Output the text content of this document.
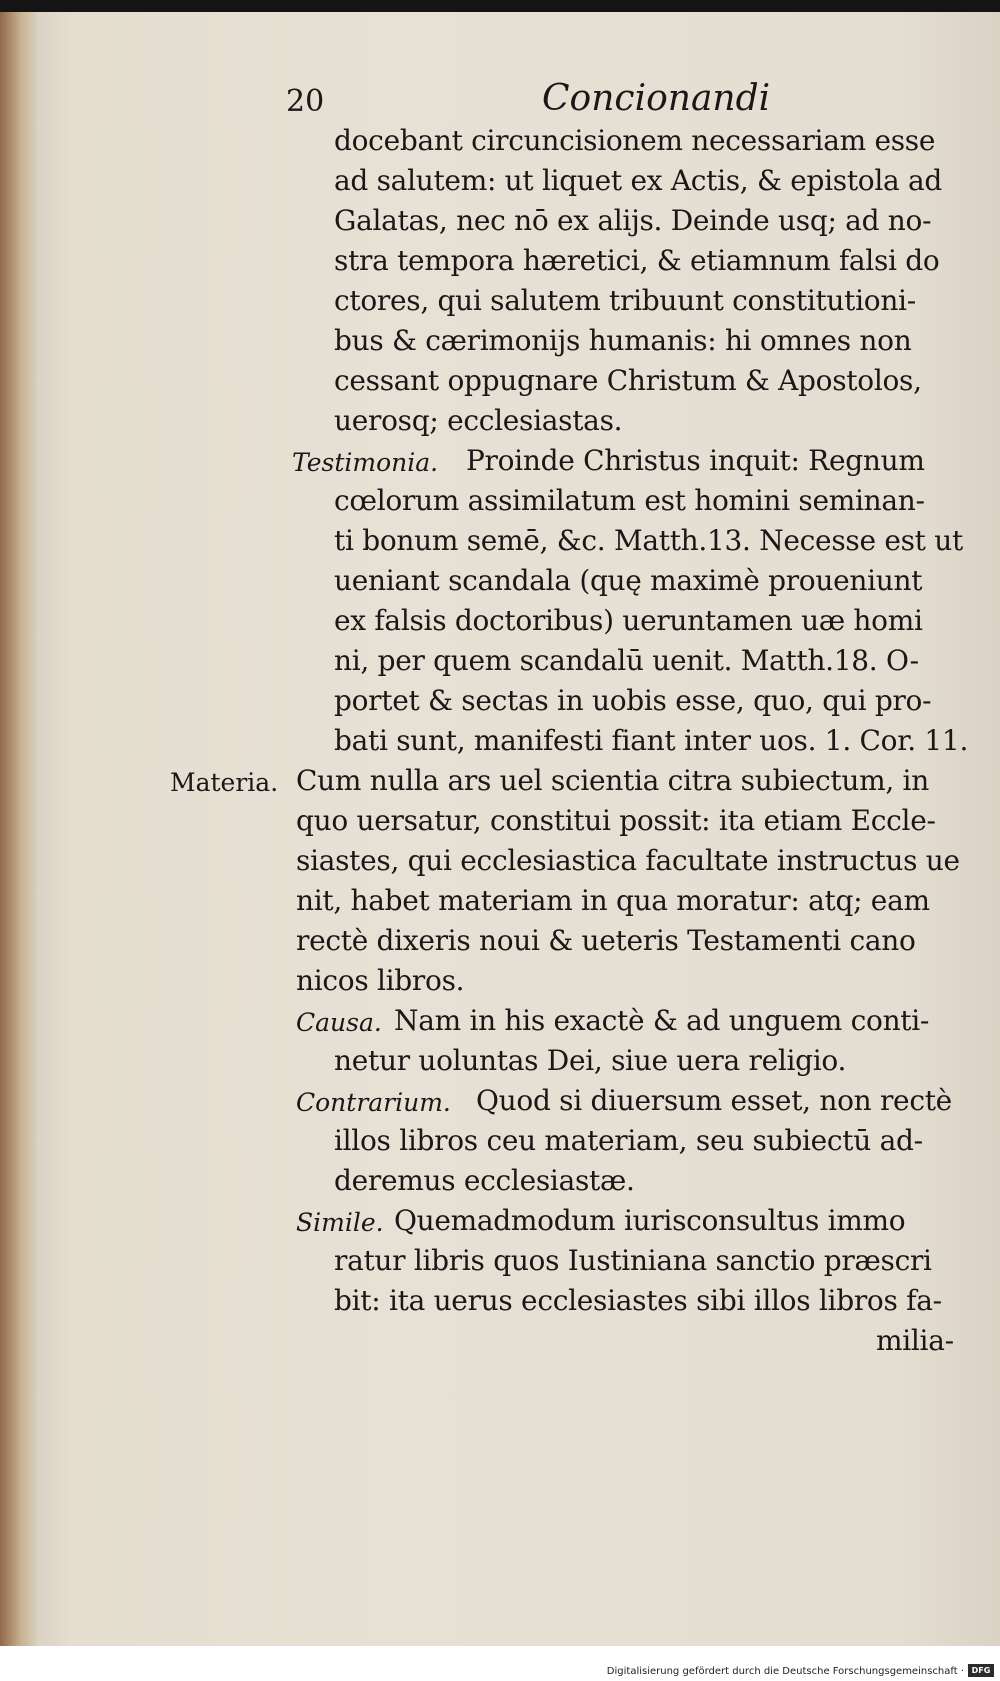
20	Concionandi
docebant circuncisionem necessariam esse
ad salutem: ut liquet ex Actis, & epistola ad
Galatas, nec nō ex alijs. Deinde usq; ad no-
stra tempora hæretici, & etiamnum falsi do
ctores, qui salutem tribuunt constitutioni-
bus & cærimonijs humanis: hi omnes non
cessant oppugnare Christum & Apostolos,
uerosq; ecclesiastas.
Testimonia. Proinde Christus inquit: Regnum
cœlorum assimilatum est homini seminan-
ti bonum semē, &c. Matth.13. Necesse est ut
ueniant scandala (quę maximè proueniunt
ex falsis doctoribus) ueruntamen uæ homi
ni, per quem scandalū uenit. Matth.18. O-
portet & sectas in uobis esse, quo, qui pro-
bati sunt, manifesti fiant inter uos. 1. Cor. 11.
Materia. Cum nulla ars uel scientia citra subiectum, in
quo uersatur, constitui possit: ita etiam Eccle-
siastes, qui ecclesiastica facultate instructus ue
nit, habet materiam in qua moratur: atq; eam
rectè dixeris noui & ueteris Testamenti cano
nicos libros.
Causa. Nam in his exactè & ad unguem conti-
netur uoluntas Dei, siue uera religio.
Contrarium. Quod si diuersum esset, non rectè
illos libros ceu materiam, seu subiectū ad-
deremus ecclesiastæ.
Simile. Quemadmodum iurisconsultus immo
ratur libris quos Iustiniana sanctio præscri
bit: ita uerus ecclesiastes sibi illos libros fa-
milia-
Digitalisierung gefördert durch die Deutsche Forschungsgemeinschaft · DFG
